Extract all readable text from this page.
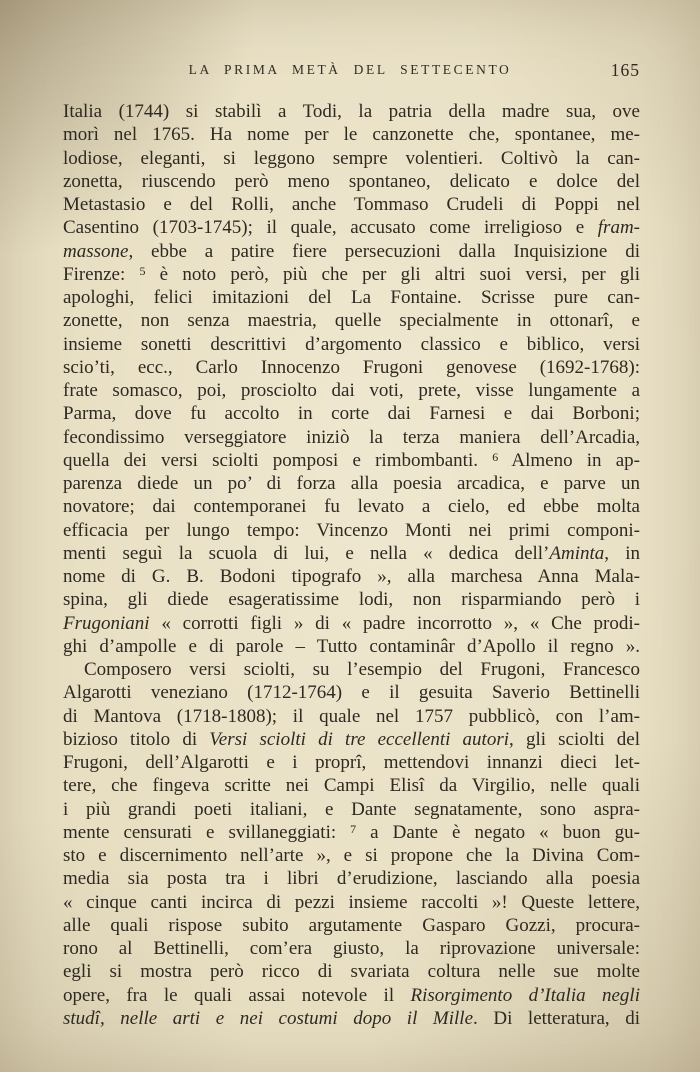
LA PRIMA METÀ DEL SETTECENTO	165
Italia (1744) si stabilì a Todi, la patria della madre sua, ove
morì nel 1765. Ha nome per le canzonette che, spontanee, me-
lodiose, eleganti, si leggono sempre volentieri. Coltivò la can-
zonetta, riuscendo però meno spontaneo, delicato e dolce del
Metastasio e del Rolli, anche Tommaso Crudeli di Poppi nel
Casentino (1703-1745); il quale, accusato come irreligioso e fram-
massone, ebbe a patire fiere persecuzioni dalla Inquisizione di
Firenze: $^5$ è noto però, più che per gli altri suoi versi, per gli
apologhi, felici imitazioni del La Fontaine. Scrisse pure can-
zonette, non senza maestria, quelle specialmente in ottonarî, e
insieme sonetti descrittivi d’argomento classico e biblico, versi
scio’ti, ecc., Carlo Innocenzo Frugoni genovese (1692-1768):
frate somasco, poi, prosciolto dai voti, prete, visse lungamente a
Parma, dove fu accolto in corte dai Farnesi e dai Borboni;
fecondissimo verseggiatore iniziò la terza maniera dell’Arcadia,
quella dei versi sciolti pomposi e rimbombanti. $^6$ Almeno in ap-
parenza diede un po’ di forza alla poesia arcadica, e parve un
novatore; dai contemporanei fu levato a cielo, ed ebbe molta
efficacia per lungo tempo: Vincenzo Monti nei primi componi-
menti seguì la scuola di lui, e nella « dedica dell’Aminta, in
nome di G. B. Bodoni tipografo », alla marchesa Anna Mala-
spina, gli diede esageratissime lodi, non risparmiando però i
Frugoniani « corrotti figli » di « padre incorrotto », « Che prodi-
ghi d’ampolle e di parole – Tutto contaminâr d’Apollo il regno ».
Composero versi sciolti, su l’esempio del Frugoni, Francesco
Algarotti veneziano (1712-1764) e il gesuita Saverio Bettinelli
di Mantova (1718-1808); il quale nel 1757 pubblicò, con l’am-
bizioso titolo di Versi sciolti di tre eccellenti autori, gli sciolti del
Frugoni, dell’Algarotti e i proprî, mettendovi innanzi dieci let-
tere, che fingeva scritte nei Campi Elisî da Virgilio, nelle quali
i più grandi poeti italiani, e Dante segnatamente, sono aspra-
mente censurati e svillaneggiati: $^7$ a Dante è negato « buon gu-
sto e discernimento nell’arte », e si propone che la Divina Com-
media sia posta tra i libri d’erudizione, lasciando alla poesia
« cinque canti incirca di pezzi insieme raccolti »! Queste lettere,
alle quali rispose subito argutamente Gasparo Gozzi, procura-
rono al Bettinelli, com’era giusto, la riprovazione universale:
egli si mostra però ricco di svariata coltura nelle sue molte
opere, fra le quali assai notevole il Risorgimento d’Italia negli
studî, nelle arti e nei costumi dopo il Mille. Di letteratura, di
